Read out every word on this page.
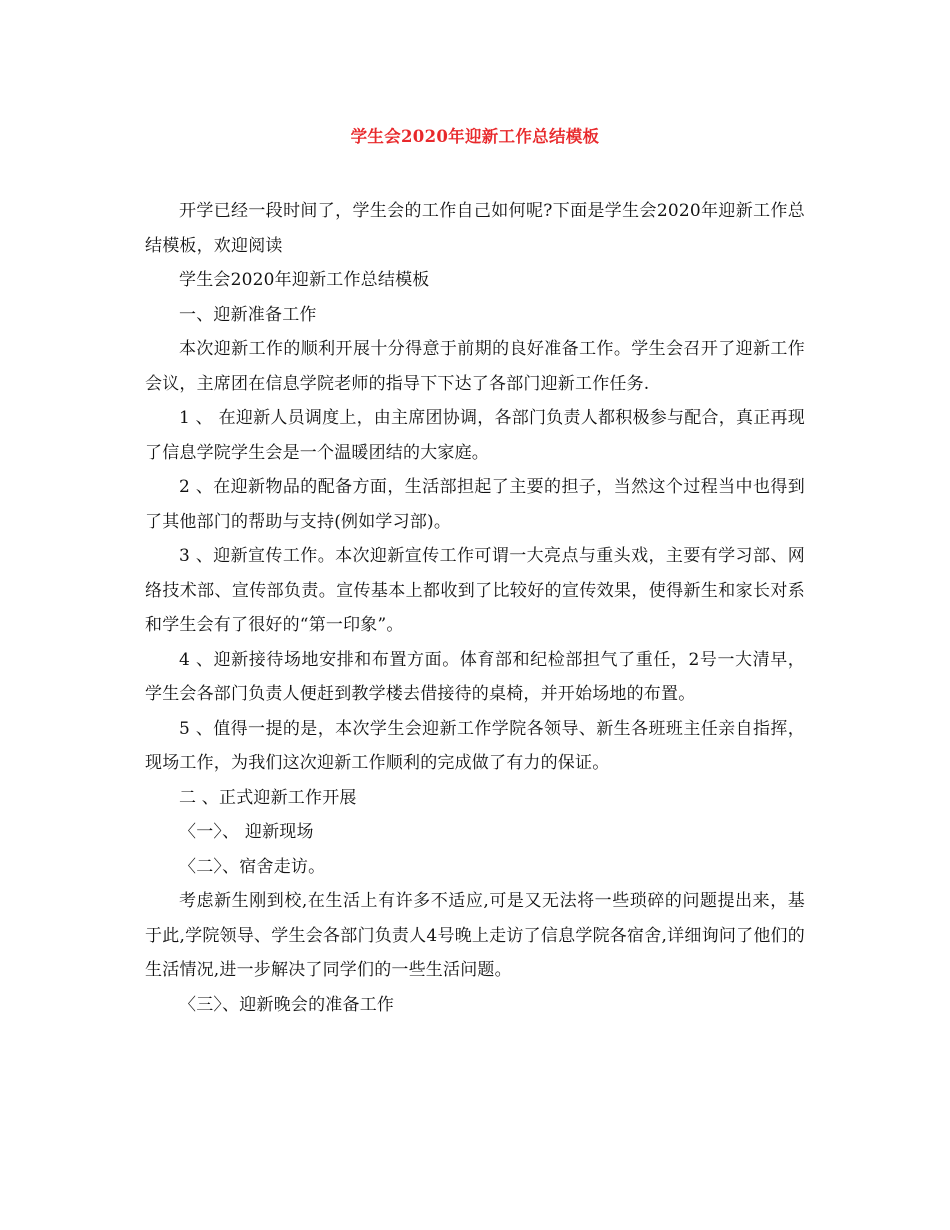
学生会2020年迎新工作总结模板

开学已经一段时间了，学生会的工作自己如何呢?下面是学生会2020年迎新工作总结模板，欢迎阅读

学生会2020年迎新工作总结模板

一、迎新准备工作

本次迎新工作的顺利开展十分得意于前期的良好准备工作。学生会召开了迎新工作会议，主席团在信息学院老师的指导下下达了各部门迎新工作任务.

1 、 在迎新人员调度上，由主席团协调，各部门负责人都积极参与配合，真正再现了信息学院学生会是一个温暖团结的大家庭。

2 、在迎新物品的配备方面，生活部担起了主要的担子，当然这个过程当中也得到了其他部门的帮助与支持(例如学习部)。

3 、迎新宣传工作。本次迎新宣传工作可谓一大亮点与重头戏，主要有学习部、网络技术部、宣传部负责。宣传基本上都收到了比较好的宣传效果，使得新生和家长对系和学生会有了很好的“第一印象”。

4 、迎新接待场地安排和布置方面。体育部和纪检部担气了重任，2号一大清早，学生会各部门负责人便赶到教学楼去借接待的桌椅，并开始场地的布置。

5 、值得一提的是，本次学生会迎新工作学院各领导、新生各班班主任亲自指挥，现场工作，为我们这次迎新工作顺利的完成做了有力的保证。

二 、正式迎新工作开展

〈一〉、 迎新现场

〈二〉、宿舍走访。

考虑新生刚到校,在生活上有许多不适应,可是又无法将一些琐碎的问题提出来，基于此,学院领导、学生会各部门负责人4号晚上走访了信息学院各宿舍,详细询问了他们的生活情况,进一步解决了同学们的一些生活问题。

〈三〉、迎新晚会的准备工作
